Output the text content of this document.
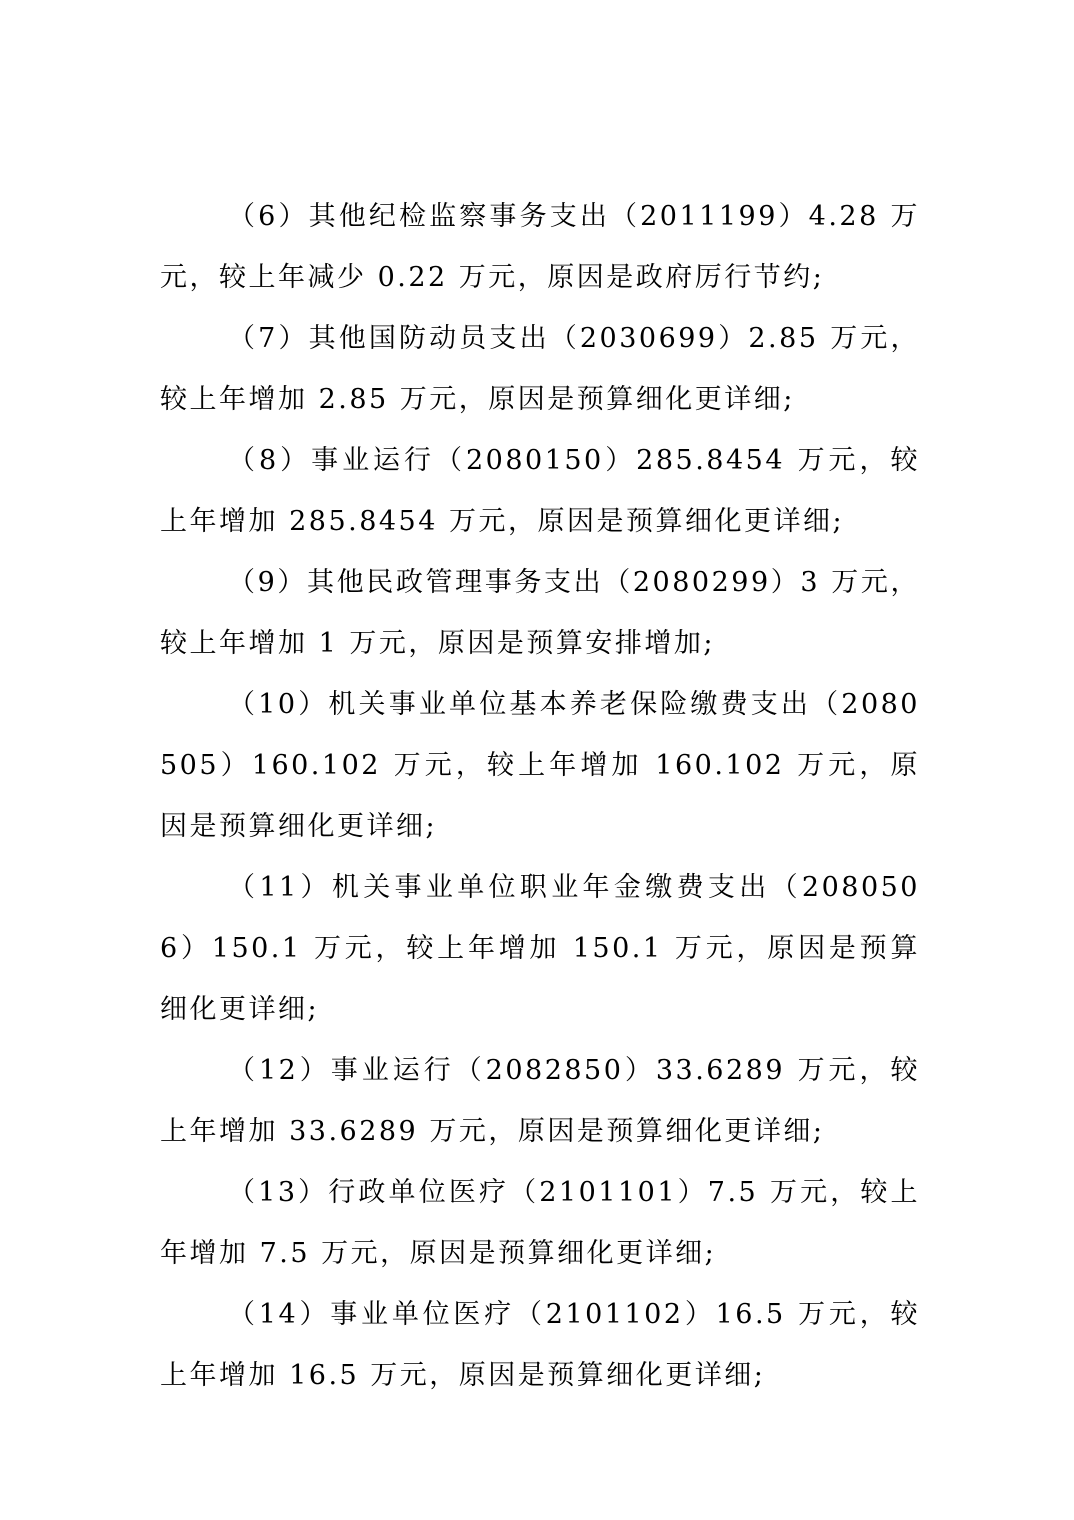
（6）其他纪检监察事务支出（2011199）4.28 万元，较上年减少 0.22 万元，原因是政府厉行节约;

（7）其他国防动员支出（2030699）2.85 万元，较上年增加 2.85 万元，原因是预算细化更详细;

（8）事业运行（2080150）285.8454 万元，较上年增加 285.8454 万元，原因是预算细化更详细;

（9）其他民政管理事务支出（2080299）3 万元，较上年增加 1 万元，原因是预算安排增加;

（10）机关事业单位基本养老保险缴费支出（2080505）160.102 万元，较上年增加 160.102 万元，原因是预算细化更详细;

（11）机关事业单位职业年金缴费支出（2080506）150.1 万元，较上年增加 150.1 万元，原因是预算细化更详细;

（12）事业运行（2082850）33.6289 万元，较上年增加 33.6289 万元，原因是预算细化更详细;

（13）行政单位医疗（2101101）7.5 万元，较上年增加 7.5 万元，原因是预算细化更详细;

（14）事业单位医疗（2101102）16.5 万元，较上年增加 16.5 万元，原因是预算细化更详细;
